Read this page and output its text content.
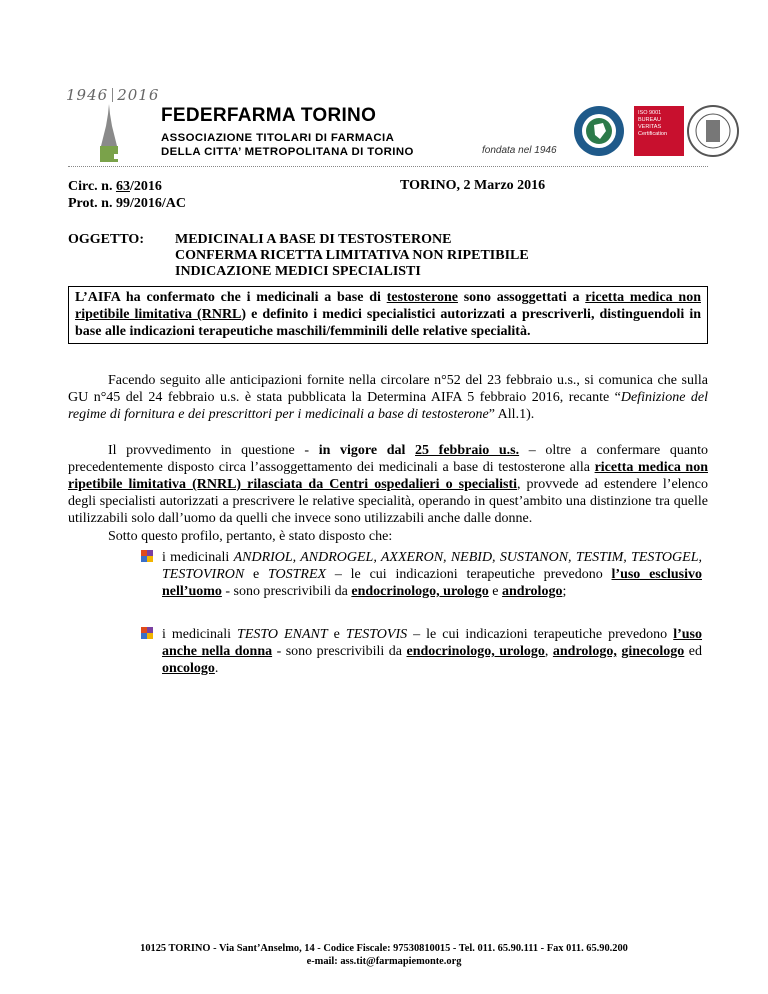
1946 2016
FEDERFARMA TORINO
ASSOCIAZIONE TITOLARI DI FARMACIA
DELLA CITTA’ METROPOLITANA DI TORINO	fondata nel 1946
ISO 9001
BUREAU VERITAS
Certification
Circ. n. 63/2016
Prot. n. 99/2016/AC
TORINO, 2 Marzo 2016
OGGETTO: MEDICINALI A BASE DI TESTOSTERONE
CONFERMA RICETTA LIMITATIVA NON RIPETIBILE
INDICAZIONE MEDICI SPECIALISTI
L’AIFA ha confermato che i medicinali a base di testosterone sono assoggettati a ricetta medica non ripetibile limitativa (RNRL) e definito i medici specialistici autorizzati a prescriverli, distinguendoli in base alle indicazioni terapeutiche maschili/femminili delle relative specialità.
Facendo seguito alle anticipazioni fornite nella circolare n°52 del 23 febbraio u.s., si comunica che sulla GU n°45 del 24 febbraio u.s. è stata pubblicata la Determina AIFA 5 febbraio 2016, recante “Definizione del regime di fornitura e dei prescrittori per i medicinali a base di testosterone” All.1).
Il provvedimento in questione - in vigore dal 25 febbraio u.s. – oltre a confermare quanto precedentemente disposto circa l’assoggettamento dei medicinali a base di testosterone alla ricetta medica non ripetibile limitativa (RNRL) rilasciata da Centri ospedalieri o specialisti, provvede ad estendere l’elenco degli specialisti autorizzati a prescrivere le relative specialità, operando in quest’ambito una distinzione tra quelle utilizzabili solo dall’uomo da quelli che invece sono utilizzabili anche dalle donne.
Sotto questo profilo, pertanto, è stato disposto che:
i medicinali ANDRIOL, ANDROGEL, AXXERON, NEBID, SUSTANON, TESTIM, TESTOGEL, TESTOVIRON e TOSTREX – le cui indicazioni terapeutiche prevedono l’uso esclusivo nell’uomo - sono prescrivibili da endocrinologo, urologo e andrologo;
i medicinali TESTO ENANT e TESTOVIS – le cui indicazioni terapeutiche prevedono l’uso anche nella donna - sono prescrivibili da endocrinologo, urologo, andrologo, ginecologo ed oncologo.
10125 TORINO - Via Sant’Anselmo, 14 - Codice Fiscale: 97530810015 - Tel. 011. 65.90.111 - Fax 011. 65.90.200
e-mail: ass.tit@farmapiemonte.org
